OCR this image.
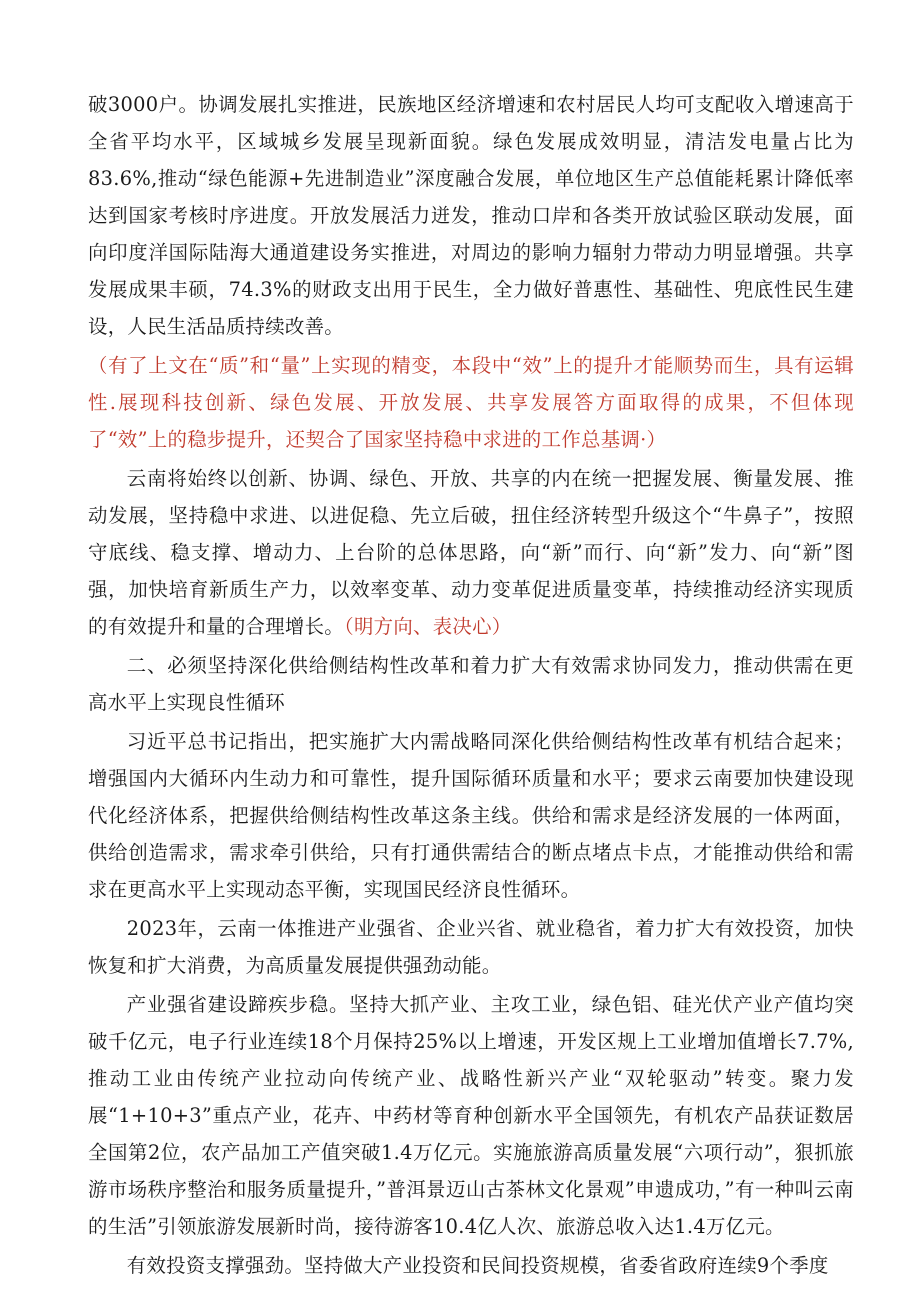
破3000户。协调发展扎实推进，民族地区经济增速和农村居民人均可支配收入增速高于全省平均水平，区域城乡发展呈现新面貌。绿色发展成效明显，清洁发电量占比为83.6%,推动“绿色能源+先进制造业”深度融合发展，单位地区生产总值能耗累计降低率达到国家考核时序进度。开放发展活力迸发，推动口岸和各类开放试验区联动发展，面向印度洋国际陆海大通道建设务实推进，对周边的影响力辐射力带动力明显增强。共享发展成果丰硕，74.3%的财政支出用于民生，全力做好普惠性、基础性、兜底性民生建设，人民生活品质持续改善。

（有了上文在“质”和“量”上实现的精变，本段中“效”上的提升才能顺势而生，具有运辑性.展现科技创新、绿色发展、开放发展、共享发展答方面取得的成果，不但体现了“效”上的稳步提升，还契合了国家坚持稳中求进的工作总基调·）

云南将始终以创新、协调、绿色、开放、共享的内在统一把握发展、衡量发展、推动发展，坚持稳中求进、以进促稳、先立后破，扭住经济转型升级这个“牛鼻子”，按照守底线、稳支撑、增动力、上台阶的总体思路，向“新”而行、向“新”发力、向“新”图强，加快培育新质生产力，以效率变革、动力变革促进质量变革，持续推动经济实现质的有效提升和量的合理增长。（明方向、表决心）

二、必须坚持深化供给侧结构性改革和着力扩大有效需求协同发力，推动供需在更高水平上实现良性循环

习近平总书记指出，把实施扩大内需战略同深化供给侧结构性改革有机结合起来；增强国内大循环内生动力和可靠性，提升国际循环质量和水平；要求云南要加快建设现代化经济体系，把握供给侧结构性改革这条主线。供给和需求是经济发展的一体两面，供给创造需求，需求牵引供给，只有打通供需结合的断点堵点卡点，才能推动供给和需求在更高水平上实现动态平衡，实现国民经济良性循环。

2023年，云南一体推进产业强省、企业兴省、就业稳省，着力扩大有效投资，加快恢复和扩大消费，为高质量发展提供强劲动能。

产业强省建设蹄疾步稳。坚持大抓产业、主攻工业，绿色铝、硅光伏产业产值均突破千亿元，电子行业连续18个月保持25%以上增速，开发区规上工业增加值增长7.7%,推动工业由传统产业拉动向传统产业、战略性新兴产业“双轮驱动”转变。聚力发展“1+10+3”重点产业，花卉、中药材等育种创新水平全国领先，有机农产品获证数居全国第2位，农产品加工产值突破1.4万亿元。实施旅游高质量发展“六项行动”，狠抓旅游市场秩序整治和服务质量提升，”普洱景迈山古茶林文化景观”申遗成功，”有一种叫云南的生活”引领旅游发展新时尚，接待游客10.4亿人次、旅游总收入达1.4万亿元。

有效投资支撑强劲。坚持做大产业投资和民间投资规模，省委省政府连续9个季度
